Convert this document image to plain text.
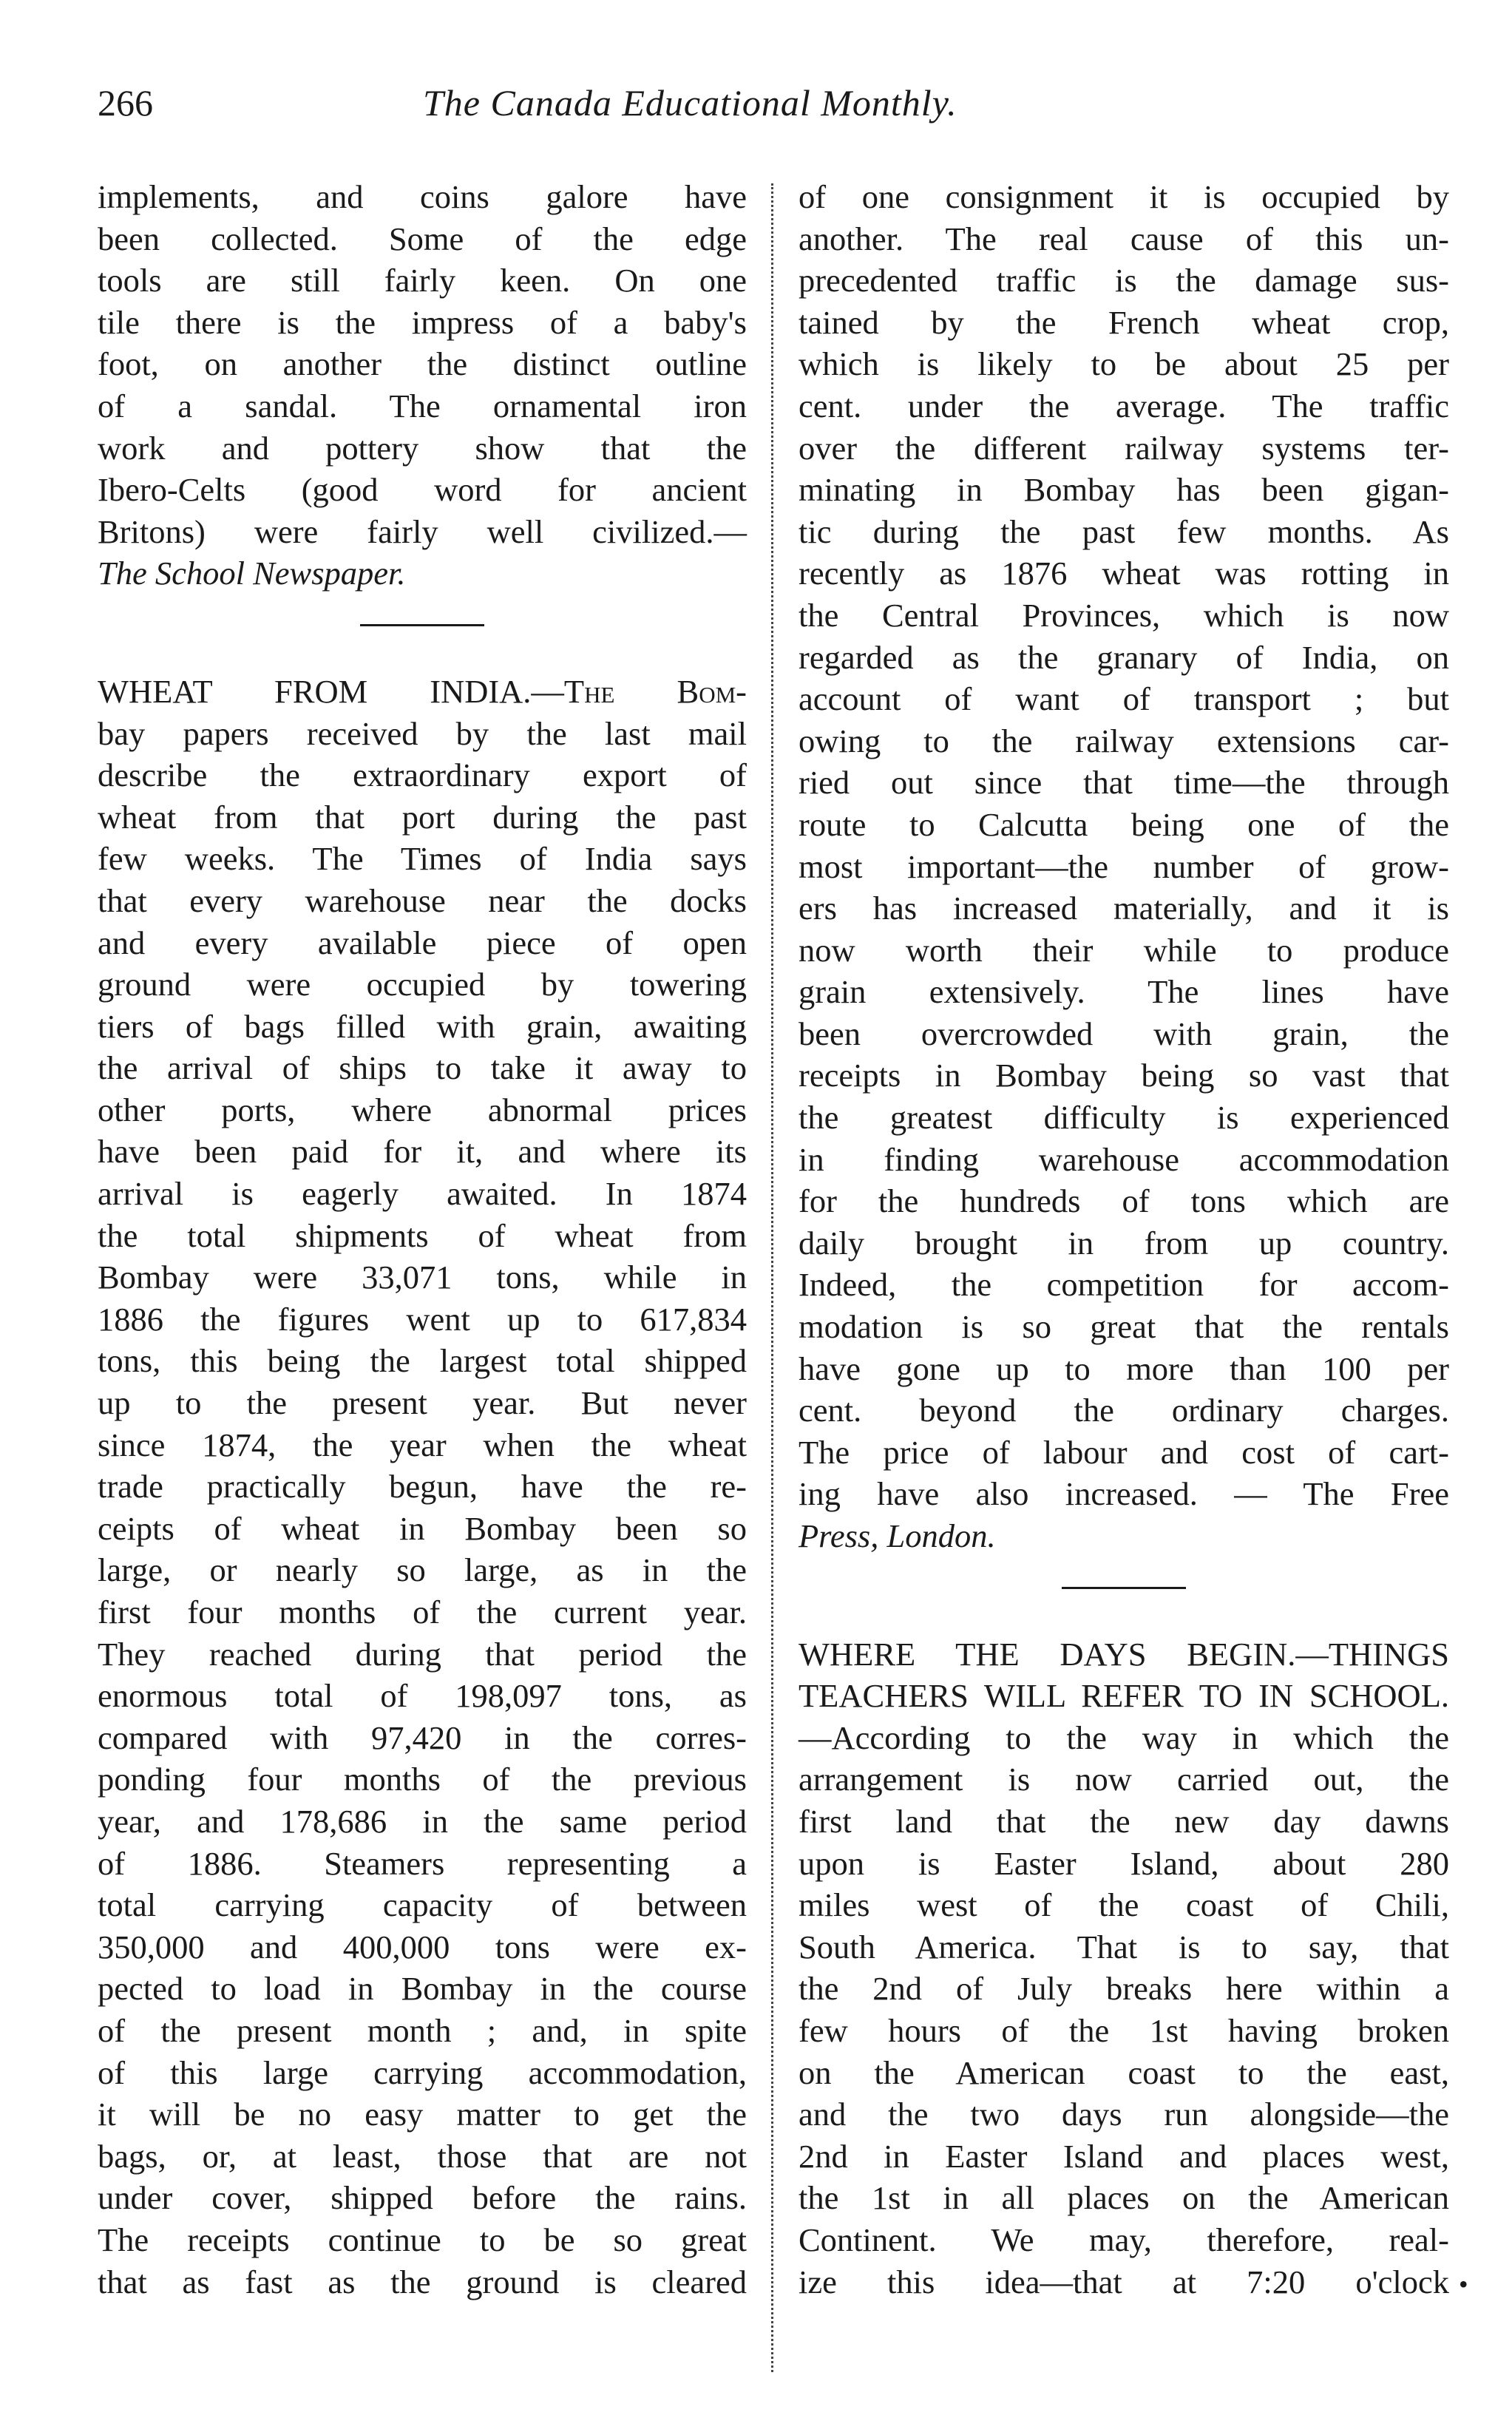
266	The Canada Educational Monthly.

implements, and coins galore have

been collected. Some of the edge

tools are still fairly keen. On one

tile there is the impress of a baby's

foot, on another the distinct outline

of a sandal. The ornamental iron

work and pottery show that the

Ibero-Celts (good word for ancient

Britons) were fairly well civilized.—

The School Newspaper.

WHEAT FROM INDIA.—The Bom-

bay papers received by the last mail

describe the extraordinary export of

wheat from that port during the past

few weeks. The Times of India says

that every warehouse near the docks

and every available piece of open

ground were occupied by towering

tiers of bags filled with grain, awaiting

the arrival of ships to take it away to

other ports, where abnormal prices

have been paid for it, and where its

arrival is eagerly awaited. In 1874

the total shipments of wheat from

Bombay were 33,071 tons, while in

1886 the figures went up to 617,834

tons, this being the largest total shipped

up to the present year. But never

since 1874, the year when the wheat

trade practically begun, have the re-

ceipts of wheat in Bombay been so

large, or nearly so large, as in the

first four months of the current year.

They reached during that period the

enormous total of 198,097 tons, as

compared with 97,420 in the corres-

ponding four months of the previous

year, and 178,686 in the same period

of 1886. Steamers representing a

total carrying capacity of between

350,000 and 400,000 tons were ex-

pected to load in Bombay in the course

of the present month ; and, in spite

of this large carrying accommodation,

it will be no easy matter to get the

bags, or, at least, those that are not

under cover, shipped before the rains.

The receipts continue to be so great

that as fast as the ground is cleared

of one consignment it is occupied by

another. The real cause of this un-

precedented traffic is the damage sus-

tained by the French wheat crop,

which is likely to be about 25 per

cent. under the average. The traffic

over the different railway systems ter-

minating in Bombay has been gigan-

tic during the past few months. As

recently as 1876 wheat was rotting in

the Central Provinces, which is now

regarded as the granary of India, on

account of want of transport ; but

owing to the railway extensions car-

ried out since that time—the through

route to Calcutta being one of the

most important—the number of grow-

ers has increased materially, and it is

now worth their while to produce

grain extensively. The lines have

been overcrowded with grain, the

receipts in Bombay being so vast that

the greatest difficulty is experienced

in finding warehouse accommodation

for the hundreds of tons which are

daily brought in from up country.

Indeed, the competition for accom-

modation is so great that the rentals

have gone up to more than 100 per

cent. beyond the ordinary charges.

The price of labour and cost of cart-

ing have also increased. — The Free

Press, London.

WHERE THE DAYS BEGIN.—THINGS

TEACHERS WILL REFER TO IN SCHOOL.

—According to the way in which the

arrangement is now carried out, the

first land that the new day dawns

upon is Easter Island, about 280

miles west of the coast of Chili,

South America. That is to say, that

the 2nd of July breaks here within a

few hours of the 1st having broken

on the American coast to the east,

and the two days run alongside—the

2nd in Easter Island and places west,

the 1st in all places on the American

Continent. We may, therefore, real-

ize this idea—that at 7:20 o'clock •
